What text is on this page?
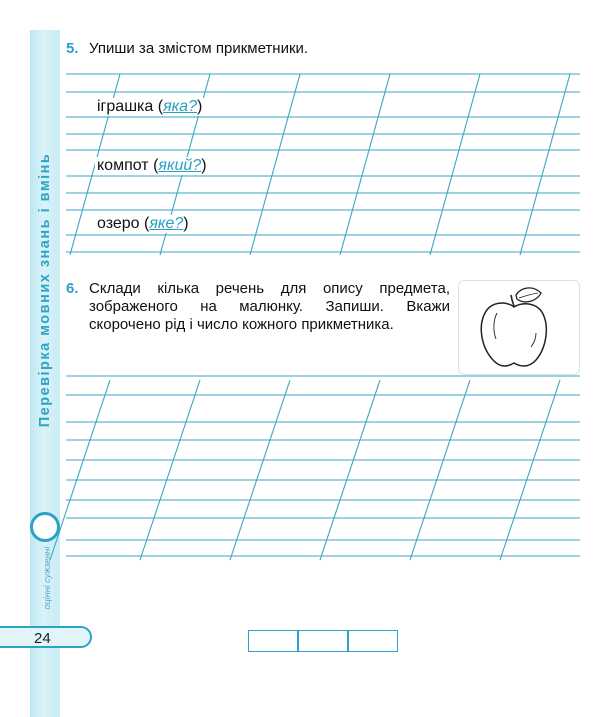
Перевірка мовних знань і вмінь
оцінні сужзенні
24
5. Упиши за змістом прикметники.
іграшка (яка?)
компот (який?)
озеро (яке?)
6. Склади кілька речень для опису предмета,
зображеного на малюнку. Запиши. Вкажи
скорочено рід і число кожного прикметника.
